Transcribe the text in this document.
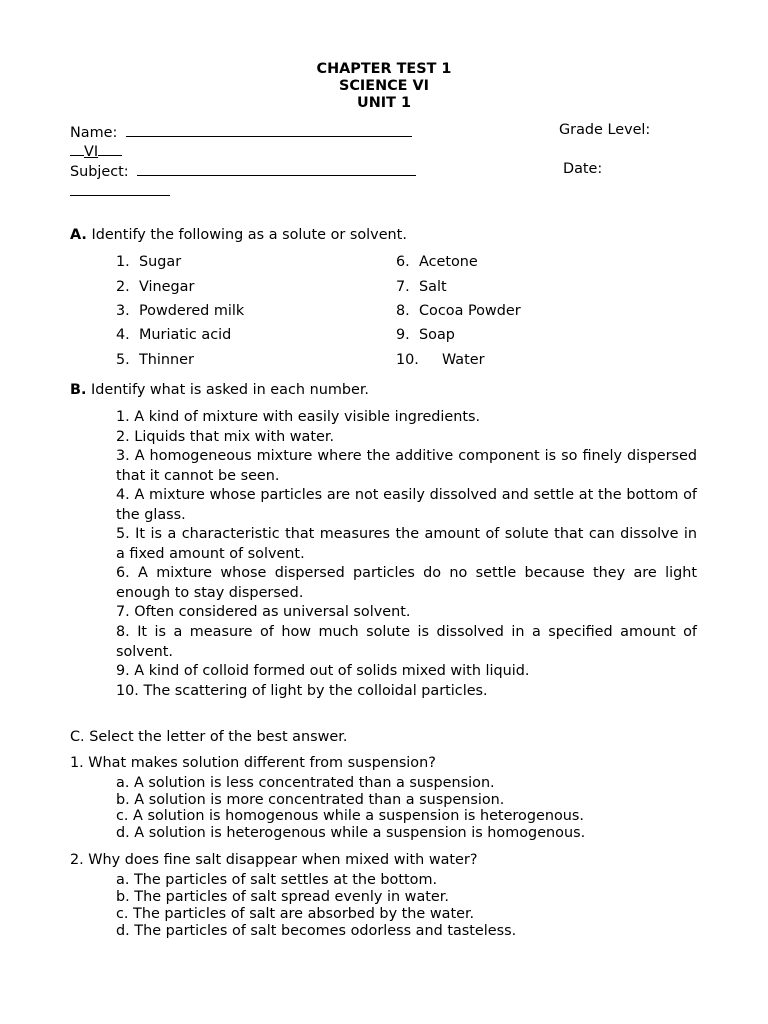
CHAPTER TEST 1
SCIENCE VI
UNIT 1
Name:	Grade Level:
VI
Subject:	Date:
A. Identify the following as a solute or solvent.
1. Sugar
2. Vinegar
3. Powdered milk
4. Muriatic acid
5. Thinner
6. Acetone
7. Salt
8. Cocoa Powder
9. Soap
10. Water
B. Identify what is asked in each number.
1. A kind of mixture with easily visible ingredients.
2. Liquids that mix with water.
3. A homogeneous mixture where the additive component is so finely dispersed that it cannot be seen.
4. A mixture whose particles are not easily dissolved and settle at the bottom of the glass.
5. It is a characteristic that measures the amount of solute that can dissolve in a fixed amount of solvent.
6. A mixture whose dispersed particles do no settle because they are light enough to stay dispersed.
7. Often considered as universal solvent.
8. It is a measure of how much solute is dissolved in a specified amount of solvent.
9. A kind of colloid formed out of solids mixed with liquid.
10. The scattering of light by the colloidal particles.
C. Select the letter of the best answer.
1. What makes solution different from suspension?
a. A solution is less concentrated than a suspension.
b. A solution is more concentrated than a suspension.
c. A solution is homogenous while a suspension is heterogenous.
d. A solution is heterogenous while a suspension is homogenous.
2. Why does fine salt disappear when mixed with water?
a. The particles of salt settles at the bottom.
b. The particles of salt spread evenly in water.
c. The particles of salt are absorbed by the water.
d. The particles of salt becomes odorless and tasteless.
